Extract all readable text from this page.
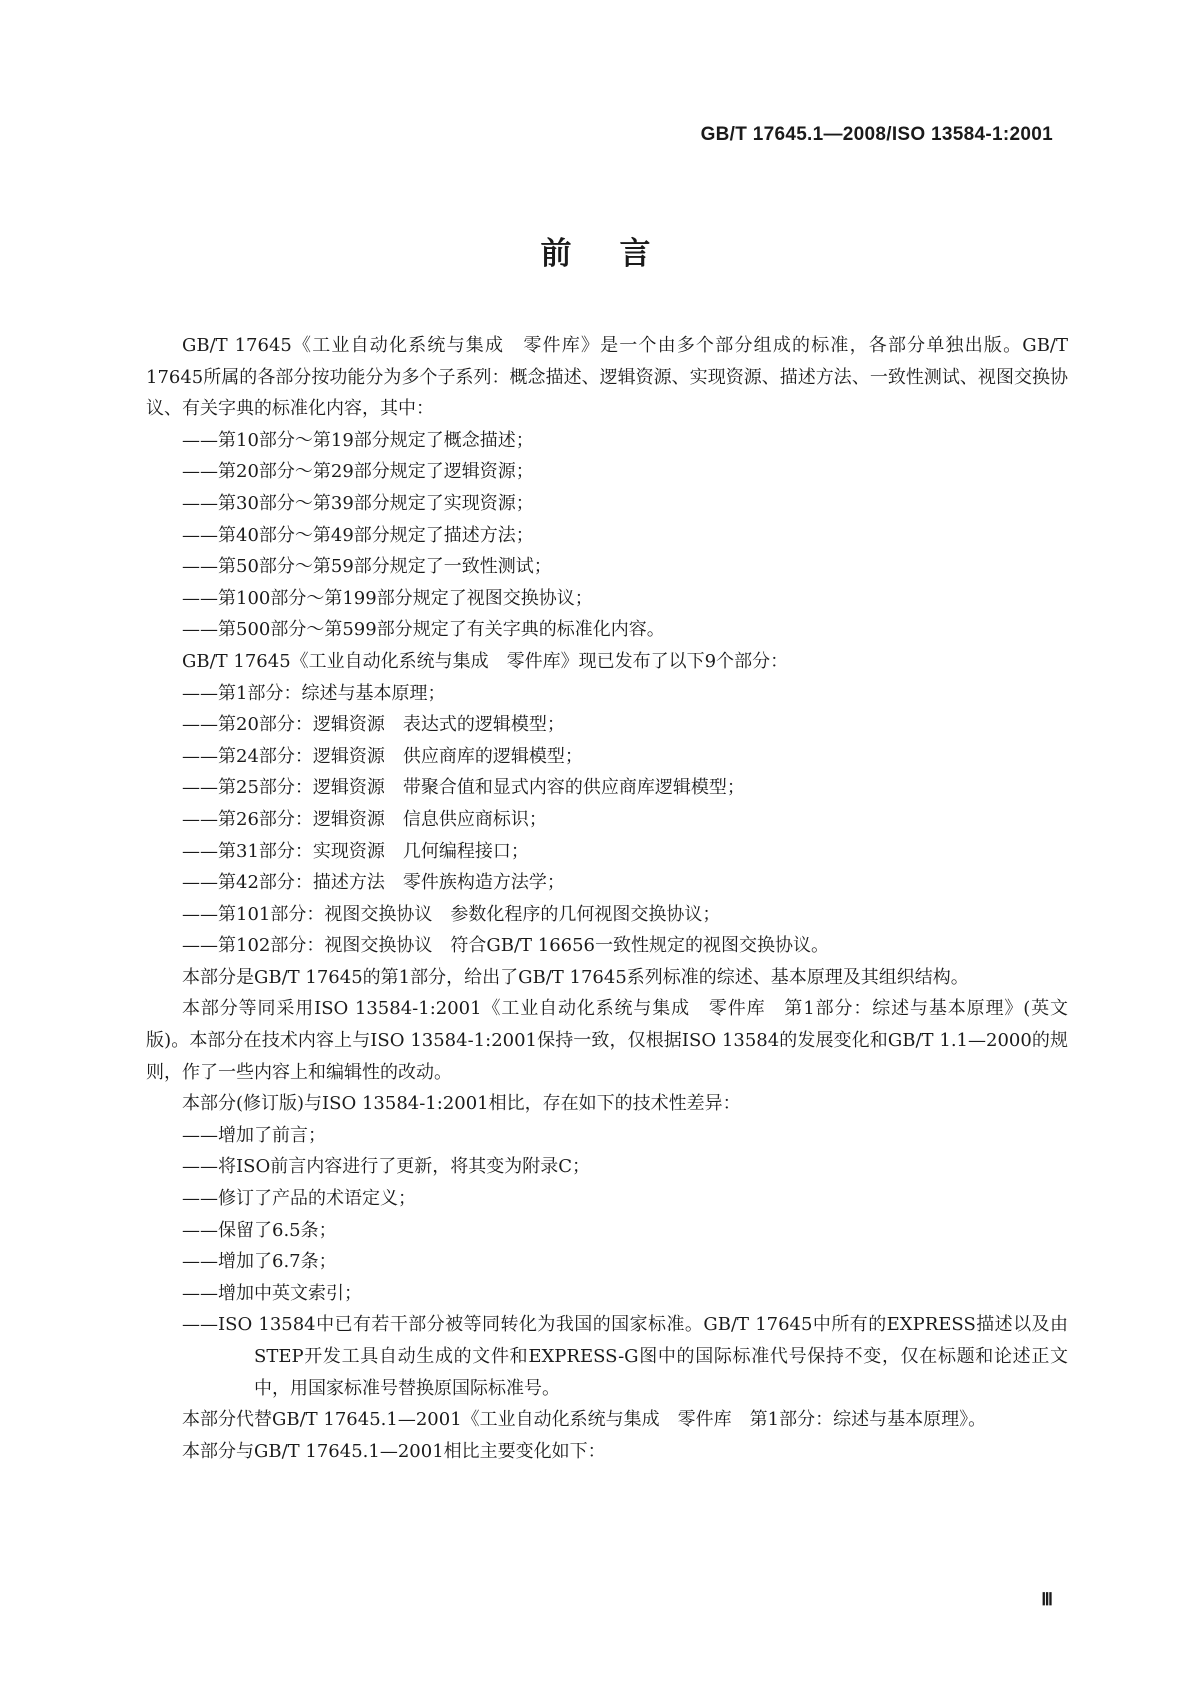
GB/T 17645.1—2008/ISO 13584-1:2001
前言

GB/T 17645《工业自动化系统与集成　零件库》是一个由多个部分组成的标准，各部分单独出版。GB/T 17645所属的各部分按功能分为多个子系列：概念描述、逻辑资源、实现资源、描述方法、一致性测试、视图交换协议、有关字典的标准化内容，其中：

——第10部分～第19部分规定了概念描述；

——第20部分～第29部分规定了逻辑资源；

——第30部分～第39部分规定了实现资源；

——第40部分～第49部分规定了描述方法；

——第50部分～第59部分规定了一致性测试；

——第100部分～第199部分规定了视图交换协议；

——第500部分～第599部分规定了有关字典的标准化内容。

GB/T 17645《工业自动化系统与集成　零件库》现已发布了以下9个部分：

——第1部分：综述与基本原理；

——第20部分：逻辑资源　表达式的逻辑模型；

——第24部分：逻辑资源　供应商库的逻辑模型；

——第25部分：逻辑资源　带聚合值和显式内容的供应商库逻辑模型；

——第26部分：逻辑资源　信息供应商标识；

——第31部分：实现资源　几何编程接口；

——第42部分：描述方法　零件族构造方法学；

——第101部分：视图交换协议　参数化程序的几何视图交换协议；

——第102部分：视图交换协议　符合GB/T 16656一致性规定的视图交换协议。

本部分是GB/T 17645的第1部分，给出了GB/T 17645系列标准的综述、基本原理及其组织结构。

本部分等同采用ISO 13584-1:2001《工业自动化系统与集成　零件库　第1部分：综述与基本原理》(英文版)。本部分在技术内容上与ISO 13584-1:2001保持一致，仅根据ISO 13584的发展变化和GB/T 1.1—2000的规则，作了一些内容上和编辑性的改动。

本部分(修订版)与ISO 13584-1:2001相比，存在如下的技术性差异：

——增加了前言；

——将ISO前言内容进行了更新，将其变为附录C；

——修订了产品的术语定义；

——保留了6.5条；

——增加了6.7条；

——增加中英文索引；

——ISO 13584中已有若干部分被等同转化为我国的国家标准。GB/T 17645中所有的EXPRESS描述以及由STEP开发工具自动生成的文件和EXPRESS-G图中的国际标准代号保持不变，仅在标题和论述正文中，用国家标准号替换原国际标准号。

本部分代替GB/T 17645.1—2001《工业自动化系统与集成　零件库　第1部分：综述与基本原理》。

本部分与GB/T 17645.1—2001相比主要变化如下：

Ⅲ
